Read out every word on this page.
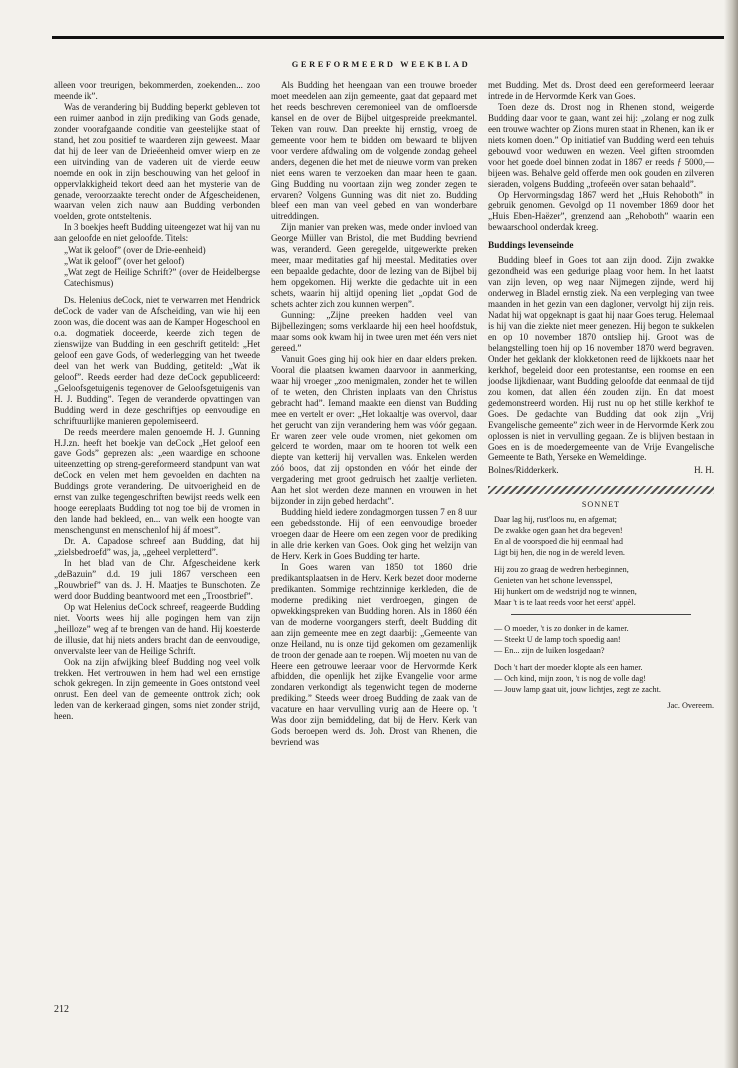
GEREFORMEERD WEEKBLAD

alleen voor treurigen, bekommerden, zoekenden... zoo meende ik”.

Was de verandering bij Budding beperkt gebleven tot een ruimer aanbod in zijn prediking van Gods genade, zonder voorafgaande conditie van geestelijke staat of stand, het zou positief te waarderen zijn geweest. Maar dat hij de leer van de Drieëenheid omver wierp en ze een uitvinding van de vaderen uit de vierde eeuw noemde en ook in zijn beschouwing van het geloof in oppervlakkigheid tekort deed aan het mysterie van de genade, veroorzaakte terecht onder de Afgescheidenen, waarvan velen zich nauw aan Budding verbonden voelden, grote ontsteltenis.

In 3 boekjes heeft Budding uiteengezet wat hij van nu aan geloofde en niet geloofde. Titels:

„Wat ik geloof” (over de Drie-eenheid)
„Wat ik geloof” (over het geloof)
„Wat zegt de Heilige Schrift?” (over de Heidelbergse Catechismus)

Ds. Helenius deCock, niet te verwarren met Hendrick deCock de vader van de Afscheiding, van wie hij een zoon was, die docent was aan de Kamper Hogeschool en o.a. dogmatiek doceerde, keerde zich tegen de zienswijze van Budding in een geschrift getiteld: „Het geloof een gave Gods, of wederlegging van het tweede deel van het werk van Budding, getiteld: „Wat ik geloof”. Reeds eerder had deze deCock gepubliceerd: „Geloofsgetuigenis tegenover de Geloofsgetuigenis van H. J. Budding”. Tegen de veranderde opvattingen van Budding werd in deze geschriftjes op eenvoudige en schriftuurlijke manieren gepolemiseerd.

De reeds meerdere malen genoemde H. J. Gunning H.J.zn. heeft het boekje van deCock „Het geloof een gave Gods” geprezen als: „een waardige en schoone uiteenzetting op streng-gereformeerd standpunt van wat deCock en velen met hem gevoelden en dachten na Buddings grote verandering. De uitvoerigheid en de ernst van zulke tegengeschriften bewijst reeds welk een hooge eereplaats Budding tot nog toe bij de vromen in den lande had bekleed, en... van welk een hoogte van menschengunst en menschenlof hij áf moest”.

Dr. A. Capadose schreef aan Budding, dat hij „zielsbedroefd” was, ja, „geheel verpletterd”.

In het blad van de Chr. Afgescheidene kerk „deBazuin” d.d. 19 juli 1867 verscheen een „Rouwbrief” van ds. J. H. Maatjes te Bunschoten. Ze werd door Budding beantwoord met een „Troostbrief”.

Op wat Helenius deCock schreef, reageerde Budding niet. Voorts wees hij alle pogingen hem van zijn „heilloze” weg af te brengen van de hand. Hij koesterde de illusie, dat hij niets anders bracht dan de eenvoudige, onvervalste leer van de Heilige Schrift.

Ook na zijn afwijking bleef Budding nog veel volk trekken. Het vertrouwen in hem had wel een ernstige schok gekregen. In zijn gemeente in Goes ontstond veel onrust. Een deel van de gemeente onttrok zich; ook leden van de kerkeraad gingen, soms niet zonder strijd, heen.

Als Budding het heengaan van een trouwe broeder moet meedelen aan zijn gemeente, gaat dat gepaard met het reeds beschreven ceremonieel van de omfloersde kansel en de over de Bijbel uitgespreide preekmantel. Teken van rouw. Dan preekte hij ernstig, vroeg de gemeente voor hem te bidden om bewaard te blijven voor verdere afdwaling om de volgende zondag geheel anders, degenen die het met de nieuwe vorm van preken niet eens waren te verzoeken dan maar heen te gaan. Ging Budding nu voortaan zijn weg zonder zegen te ervaren? Volgens Gunning was dit niet zo. Budding bleef een man van veel gebed en van wonderbare uitreddingen.

Zijn manier van preken was, mede onder invloed van George Müller van Bristol, die met Budding bevriend was, veranderd. Geen geregelde, uitgewerkte preken meer, maar meditaties gaf hij meestal. Meditaties over een bepaalde gedachte, door de lezing van de Bijbel bij hem opgekomen. Hij werkte die gedachte uit in een schets, waarin hij altijd opening liet „opdat God de schets achter zich zou kunnen werpen”.

Gunning: „Zijne preeken hadden veel van Bijbellezingen; soms verklaarde hij een heel hoofdstuk, maar soms ook kwam hij in twee uren met één vers niet gereed.”

Vanuit Goes ging hij ook hier en daar elders preken. Vooral die plaatsen kwamen daarvoor in aanmerking, waar hij vroeger „zoo menigmalen, zonder het te willen of te weten, den Christen inplaats van den Christus gebracht had”. Iemand maakte een dienst van Budding mee en vertelt er over: „Het lokaaltje was overvol, daar het gerucht van zijn verandering hem was vóór gegaan. Er waren zeer vele oude vromen, niet gekomen om gelcerd te worden, maar om te hooren tot welk een diepte van ketterij hij vervallen was. Enkelen werden zóó boos, dat zij opstonden en vóór het einde der vergadering met groot gedruisch het zaaltje verlieten. Aan het slot werden deze mannen en vrouwen in het bijzonder in zijn gebed herdacht”.

Budding hield iedere zondagmorgen tussen 7 en 8 uur een gebedsstonde. Hij of een eenvoudige broeder vroegen daar de Heere om een zegen voor de prediking in alle drie kerken van Goes. Ook ging het welzijn van de Herv. Kerk in Goes Budding ter harte.

In Goes waren van 1850 tot 1860 drie predikantsplaatsen in de Herv. Kerk bezet door moderne predikanten. Sommige rechtzinnige kerkleden, die de moderne prediking niet verdroegen, gingen de opwekkingspreken van Budding horen. Als in 1860 één van de moderne voorgangers sterft, deelt Budding dit aan zijn gemeente mee en zegt daarbij: „Gemeente van onze Heiland, nu is onze tijd gekomen om gezamenlijk de troon der genade aan te roepen. Wij moeten nu van de Heere een getrouwe leeraar voor de Hervormde Kerk afbidden, die openlijk het zijke Evangelie voor arme zondaren verkondigt als tegenwicht tegen de moderne prediking.” Steeds weer droeg Budding de zaak van de vacature en haar vervulling vurig aan de Heere op. 't Was door zijn bemiddeling, dat bij de Herv. Kerk van Gods beroepen werd ds. Joh. Drost van Rhenen, die bevriend was

met Budding. Met ds. Drost deed een gereformeerd leeraar intrede in de Hervormde Kerk van Goes.

Toen deze ds. Drost nog in Rhenen stond, weigerde Budding daar voor te gaan, want zei hij: „zolang er nog zulk een trouwe wachter op Zions muren staat in Rhenen, kan ik er niets komen doen.” Op initiatief van Budding werd een tehuis gebouwd voor weduwen en wezen. Veel giften stroomden voor het goede doel binnen zodat in 1867 er reeds ƒ 5000,— bijeen was. Behalve geld offerde men ook gouden en zilveren sieraden, volgens Budding „trofeeën over satan behaald”.

Op Hervormingsdag 1867 werd het „Huis Rehoboth” in gebruik genomen. Gevolgd op 11 november 1869 door het „Huis Eben-Haëzer”, grenzend aan „Rehoboth” waarin een bewaarschool onderdak kreeg.

Buddings levenseinde

Budding bleef in Goes tot aan zijn dood. Zijn zwakke gezondheid was een gedurige plaag voor hem. In het laatst van zijn leven, op weg naar Nijmegen zijnde, werd hij onderweg in Bladel ernstig ziek. Na een verpleging van twee maanden in het gezin van een dagloner, vervolgt hij zijn reis. Nadat hij wat opgeknapt is gaat hij naar Goes terug. Helemaal is hij van die ziekte niet meer genezen. Hij begon te sukkelen en op 10 november 1870 ontsliep hij. Groot was de belangstelling toen hij op 16 november 1870 werd begraven. Onder het geklank der klokketonen reed de lijkkoets naar het kerkhof, begeleid door een protestantse, een roomse en een joodse lijkdienaar, want Budding geloofde dat eenmaal de tijd zou komen, dat allen één zouden zijn. En dat moest gedemonstreerd worden. Hij rust nu op het stille kerkhof te Goes. De gedachte van Budding dat ook zijn „Vrij Evangelische gemeente” zich weer in de Hervormde Kerk zou oplossen is niet in vervulling gegaan. Ze is blijven bestaan in Goes en is de moedergemeente van de Vrije Evangelische Gemeente te Bath, Yerseke en Wemeldinge.

Bolnes/Ridderkerk.	H. H.
SONNET
Daar lag hij, rust'loos nu, en afgemat;
De zwakke ogen gaan het dra begeven!
En al de voorspoed die hij eenmaal had
Ligt bij hen, die nog in de wereld leven.
Hij zou zo graag de wedren herbeginnen,
Genieten van het schone levensspel,
Hij hunkert om de wedstrijd nog te winnen,
Maar 't is te laat reeds voor het eerst' appèl.
— O moeder, 't is zo donker in de kamer.
— Steekt U de lamp toch spoedig aan!
— En... zijn de luiken losgedaan?
Doch 't hart der moeder klopte als een hamer.
— Och kind, mijn zoon, 't is nog de volle dag!
— Jouw lamp gaat uit, jouw lichtjes, zegt ze zacht.
Jac. Overeem.
212
